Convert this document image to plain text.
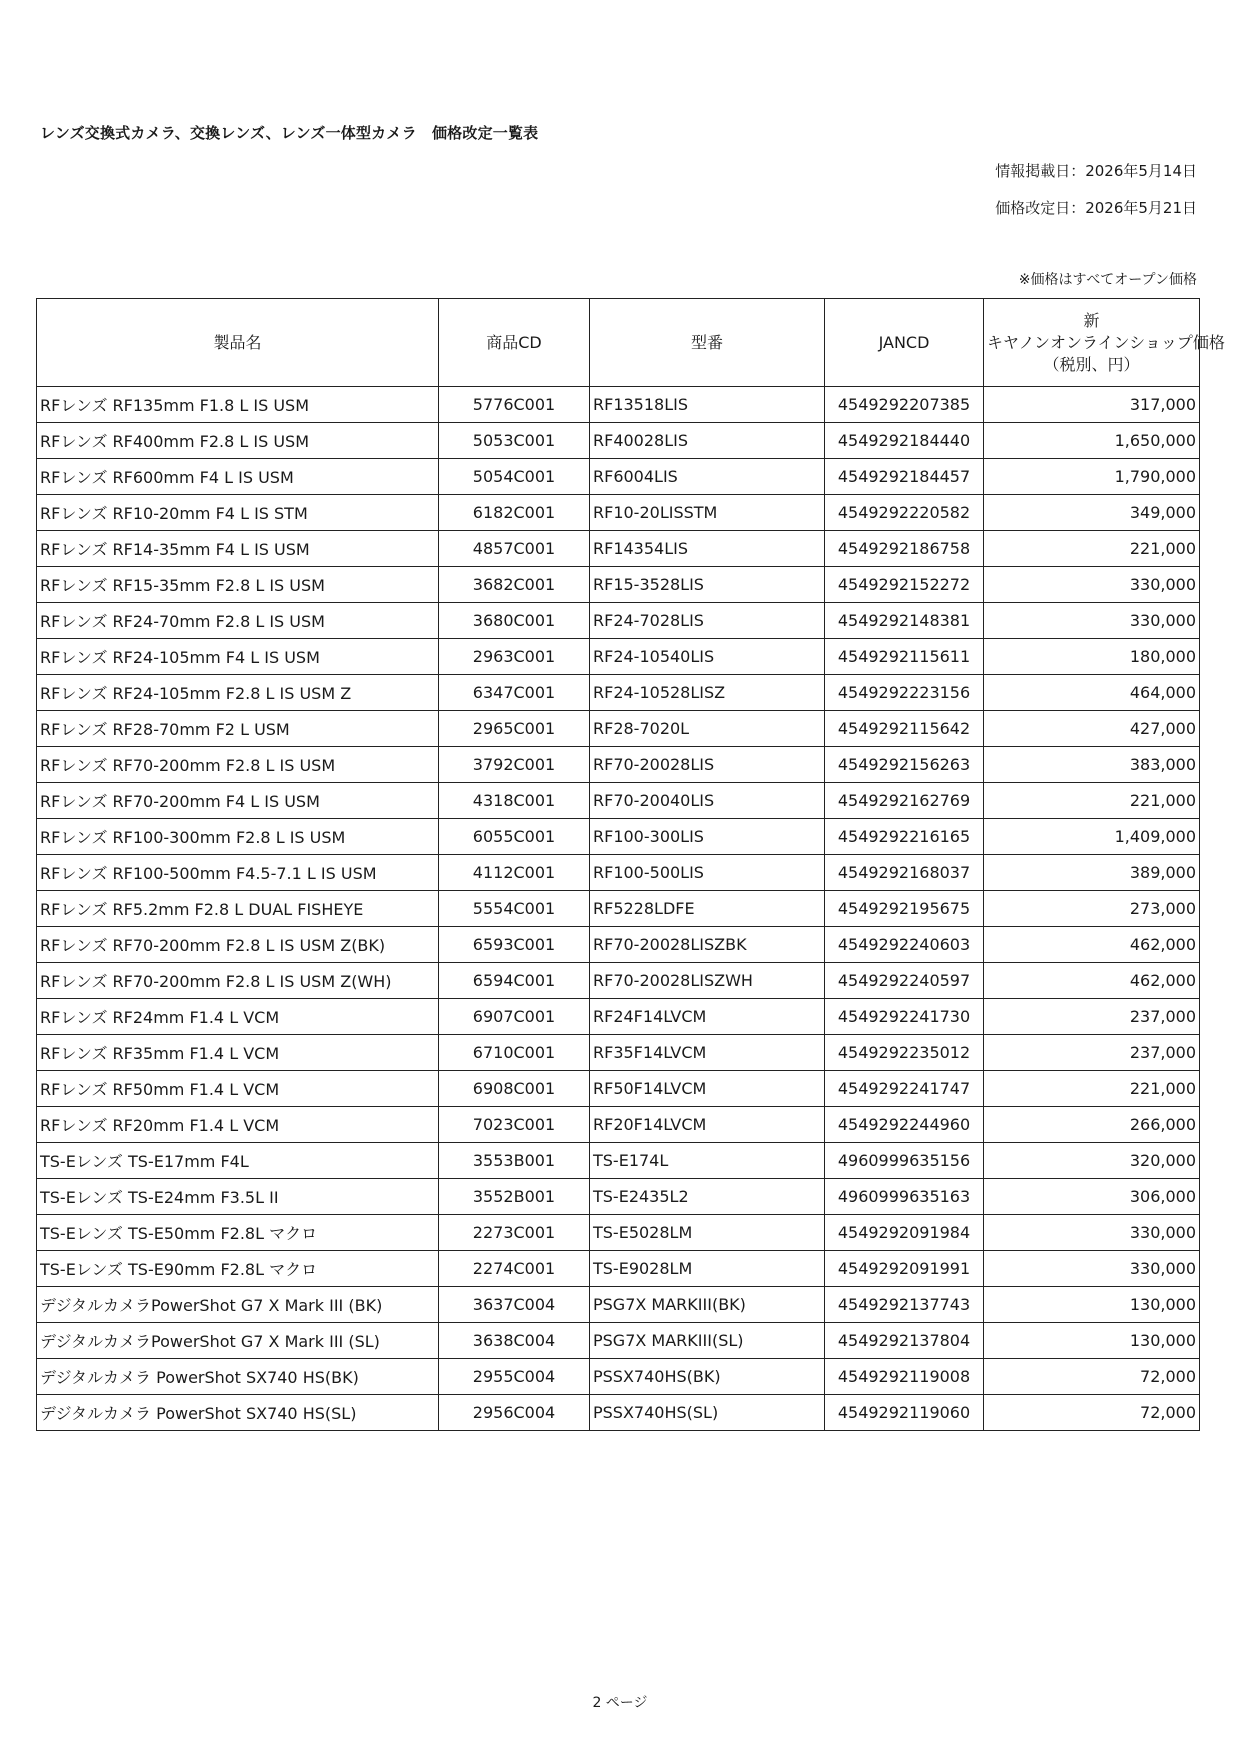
レンズ交換式カメラ、交換レンズ、レンズ一体型カメラ　価格改定一覧表
情報掲載日：2026年5月14日
価格改定日：2026年5月21日
※価格はすべてオープン価格
製品名	商品CD	型番	JANCD	新
キヤノンオンラインショップ価格
（税別、円）

RFレンズ RF135mm F1.8 L IS USM	5776C001	RF13518LIS	4549292207385	317,000
RFレンズ RF400mm F2.8 L IS USM	5053C001	RF40028LIS	4549292184440	1,650,000
RFレンズ RF600mm F4 L IS USM	5054C001	RF6004LIS	4549292184457	1,790,000
RFレンズ RF10-20mm F4 L IS STM	6182C001	RF10-20LISSTM	4549292220582	349,000
RFレンズ RF14-35mm F4 L IS USM	4857C001	RF14354LIS	4549292186758	221,000
RFレンズ RF15-35mm F2.8 L IS USM	3682C001	RF15-3528LIS	4549292152272	330,000
RFレンズ RF24-70mm F2.8 L IS USM	3680C001	RF24-7028LIS	4549292148381	330,000
RFレンズ RF24-105mm F4 L IS USM	2963C001	RF24-10540LIS	4549292115611	180,000
RFレンズ RF24-105mm F2.8 L IS USM Z	6347C001	RF24-10528LISZ	4549292223156	464,000
RFレンズ RF28-70mm F2 L USM	2965C001	RF28-7020L	4549292115642	427,000
RFレンズ RF70-200mm F2.8 L IS USM	3792C001	RF70-20028LIS	4549292156263	383,000
RFレンズ RF70-200mm F4 L IS USM	4318C001	RF70-20040LIS	4549292162769	221,000
RFレンズ RF100-300mm F2.8 L IS USM	6055C001	RF100-300LIS	4549292216165	1,409,000
RFレンズ RF100-500mm F4.5-7.1 L IS USM	4112C001	RF100-500LIS	4549292168037	389,000
RFレンズ RF5.2mm F2.8 L DUAL FISHEYE	5554C001	RF5228LDFE	4549292195675	273,000
RFレンズ RF70-200mm F2.8 L IS USM Z(BK)	6593C001	RF70-20028LISZBK	4549292240603	462,000
RFレンズ RF70-200mm F2.8 L IS USM Z(WH)	6594C001	RF70-20028LISZWH	4549292240597	462,000
RFレンズ RF24mm F1.4 L VCM	6907C001	RF24F14LVCM	4549292241730	237,000
RFレンズ RF35mm F1.4 L VCM	6710C001	RF35F14LVCM	4549292235012	237,000
RFレンズ RF50mm F1.4 L VCM	6908C001	RF50F14LVCM	4549292241747	221,000
RFレンズ RF20mm F1.4 L VCM	7023C001	RF20F14LVCM	4549292244960	266,000
TS-Eレンズ TS-E17mm F4L	3553B001	TS-E174L	4960999635156	320,000
TS-Eレンズ TS-E24mm F3.5L II	3552B001	TS-E2435L2	4960999635163	306,000
TS-Eレンズ TS-E50mm F2.8L マクロ	2273C001	TS-E5028LM	4549292091984	330,000
TS-Eレンズ TS-E90mm F2.8L マクロ	2274C001	TS-E9028LM	4549292091991	330,000
デジタルカメラPowerShot G7 X Mark III (BK)	3637C004	PSG7X MARKIII(BK)	4549292137743	130,000
デジタルカメラPowerShot G7 X Mark III (SL)	3638C004	PSG7X MARKIII(SL)	4549292137804	130,000
デジタルカメラ PowerShot SX740 HS(BK)	2955C004	PSSX740HS(BK)	4549292119008	72,000
デジタルカメラ PowerShot SX740 HS(SL)	2956C004	PSSX740HS(SL)	4549292119060	72,000
2 ページ
